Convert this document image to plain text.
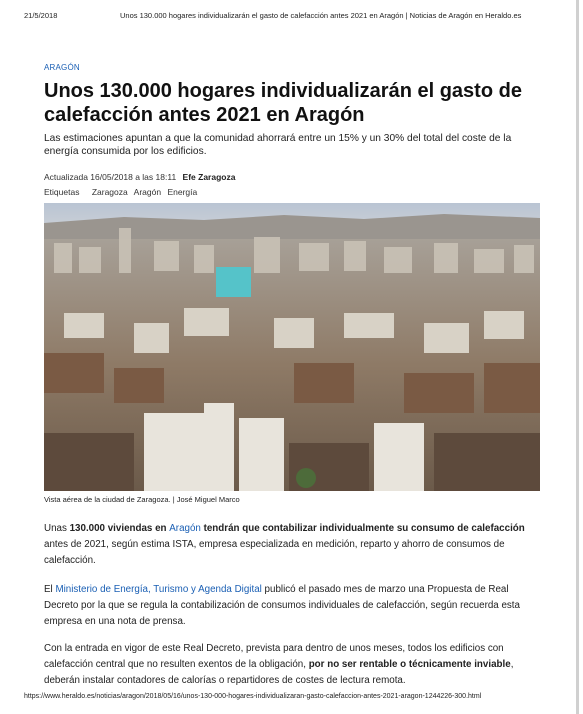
21/5/2018	Unos 130.000 hogares individualizarán el gasto de calefacción antes 2021 en Aragón | Noticias de Aragón en Heraldo.es
ARAGÓN
Unos 130.000 hogares individualizarán el gasto de calefacción antes 2021 en Aragón

Las estimaciones apuntan a que la comunidad ahorrará entre un 15% y un 30% del total del coste de la energía consumida por los edificios.

Actualizada 16/05/2018 a las 18:11 Efe Zaragoza
Etiquetas Zaragoza Aragón Energía
Vista aérea de la ciudad de Zaragoza. | José Miguel Marco

Unas 130.000 viviendas en Aragón tendrán que contabilizar individualmente su consumo de calefacción antes de 2021, según estima ISTA, empresa especializada en medición, reparto y ahorro de consumos de calefacción.

El Ministerio de Energía, Turismo y Agenda Digital publicó el pasado mes de marzo una Propuesta de Real Decreto por la que se regula la contabilización de consumos individuales de calefacción, según recuerda esta empresa en una nota de prensa.

Con la entrada en vigor de este Real Decreto, prevista para dentro de unos meses, todos los edificios con calefacción central que no resulten exentos de la obligación, por no ser rentable o técnicamente inviable, deberán instalar contadores de calorías o repartidores de costes de lectura remota.

https://www.heraldo.es/noticias/aragon/2018/05/16/unos-130-000-hogares-individualizaran-gasto-calefaccion-antes-2021-aragon-1244226-300.html
